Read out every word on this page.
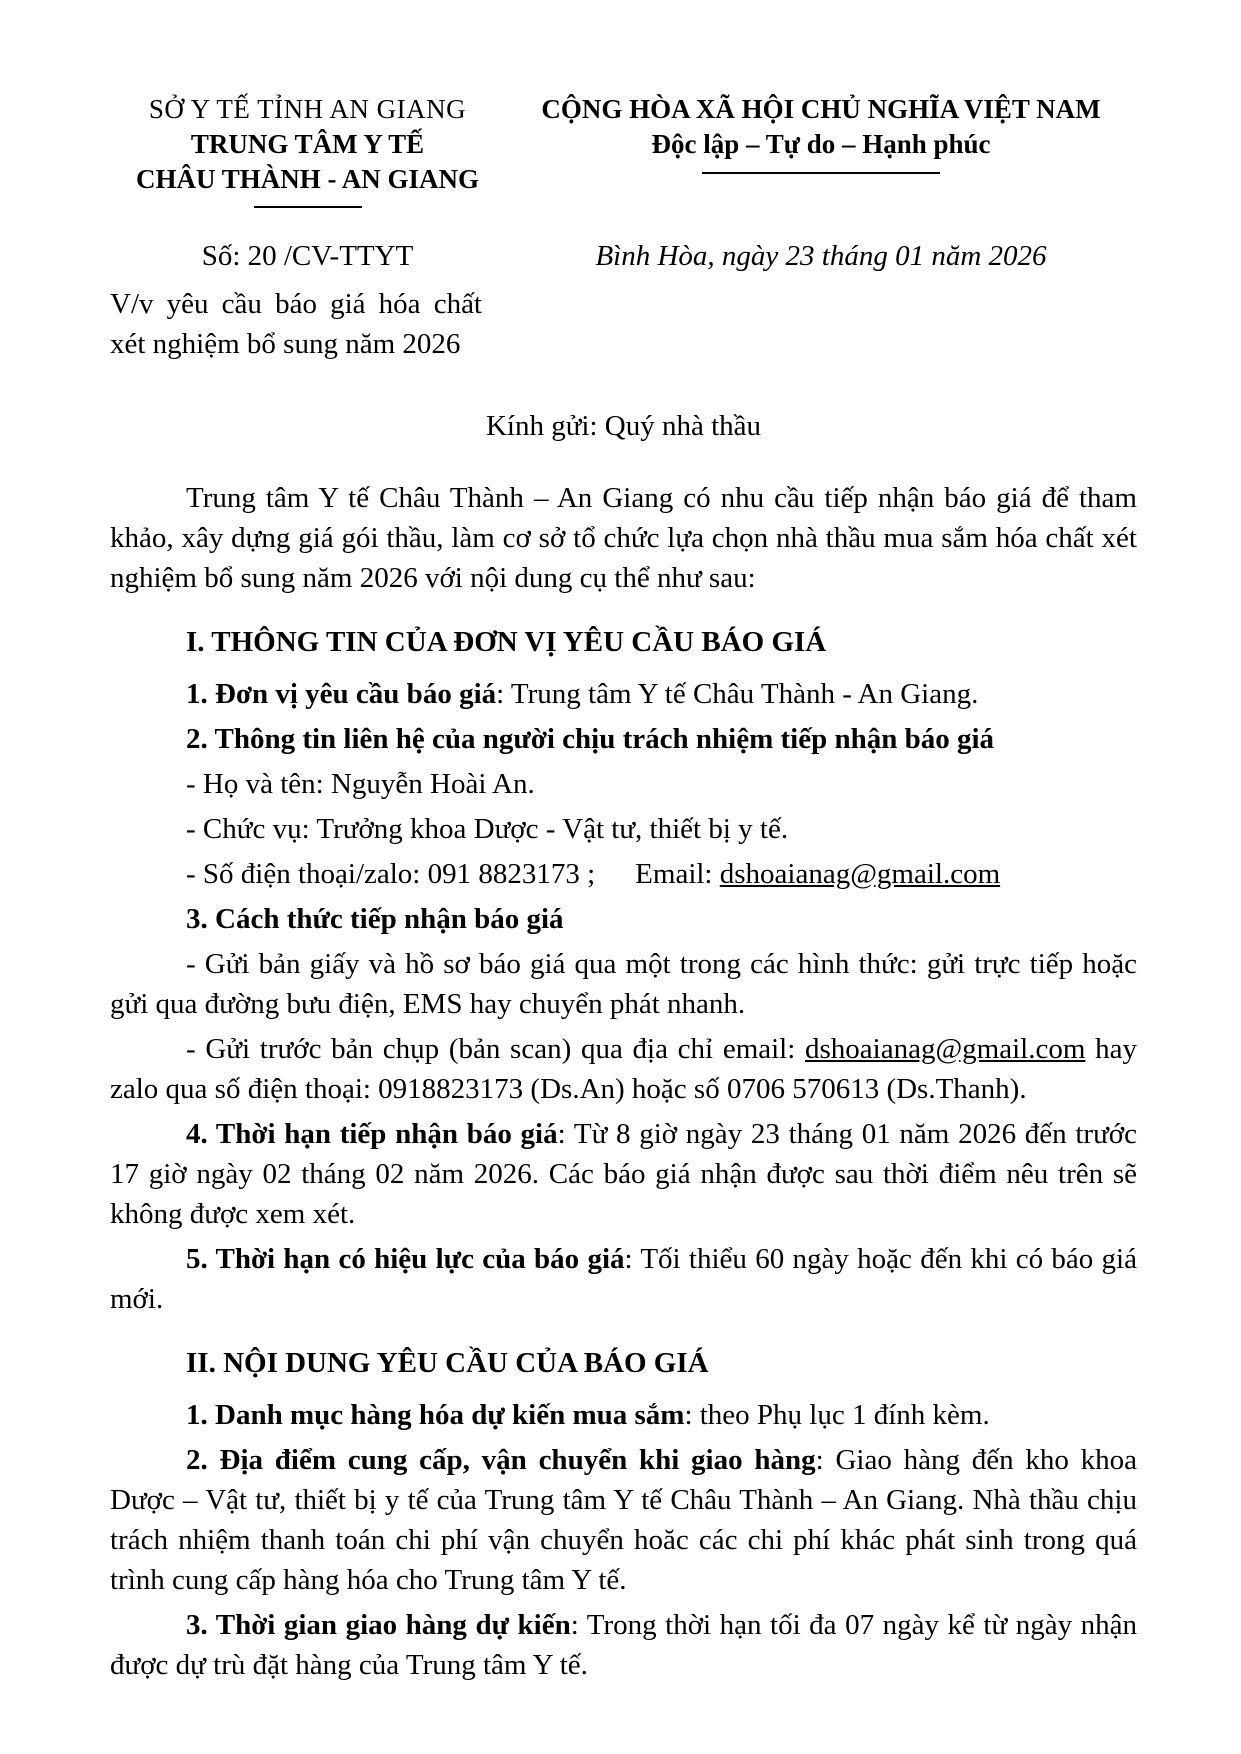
SỞ Y TẾ TỈNH AN GIANG
TRUNG TÂM Y TẾ
CHÂU THÀNH - AN GIANG
CỘNG HÒA XÃ HỘI CHỦ NGHĨA VIỆT NAM
Độc lập – Tự do – Hạnh phúc
Số: 20 /CV-TTYT	Bình Hòa, ngày 23 tháng 01 năm 2026
V/v yêu cầu báo giá hóa chất xét nghiệm bổ sung năm 2026
Kính gửi: Quý nhà thầu

Trung tâm Y tế Châu Thành – An Giang có nhu cầu tiếp nhận báo giá để tham khảo, xây dựng giá gói thầu, làm cơ sở tổ chức lựa chọn nhà thầu mua sắm hóa chất xét nghiệm bổ sung năm 2026 với nội dung cụ thể như sau:

I. THÔNG TIN CỦA ĐƠN VỊ YÊU CẦU BÁO GIÁ

1. Đơn vị yêu cầu báo giá: Trung tâm Y tế Châu Thành - An Giang.

2. Thông tin liên hệ của người chịu trách nhiệm tiếp nhận báo giá

- Họ và tên: Nguyễn Hoài An.

- Chức vụ: Trưởng khoa Dược - Vật tư, thiết bị y tế.

- Số điện thoại/zalo: 091 8823173 ; Email: dshoaianag@gmail.com

3. Cách thức tiếp nhận báo giá

- Gửi bản giấy và hồ sơ báo giá qua một trong các hình thức: gửi trực tiếp hoặc gửi qua đường bưu điện, EMS hay chuyển phát nhanh.

- Gửi trước bản chụp (bản scan) qua địa chỉ email: dshoaianag@gmail.com hay zalo qua số điện thoại: 0918823173 (Ds.An) hoặc số 0706 570613 (Ds.Thanh).

4. Thời hạn tiếp nhận báo giá: Từ 8 giờ ngày 23 tháng 01 năm 2026 đến trước 17 giờ ngày 02 tháng 02 năm 2026. Các báo giá nhận được sau thời điểm nêu trên sẽ không được xem xét.

5. Thời hạn có hiệu lực của báo giá: Tối thiểu 60 ngày hoặc đến khi có báo giá mới.

II. NỘI DUNG YÊU CẦU CỦA BÁO GIÁ

1. Danh mục hàng hóa dự kiến mua sắm: theo Phụ lục 1 đính kèm.

2. Địa điểm cung cấp, vận chuyển khi giao hàng: Giao hàng đến kho khoa Dược – Vật tư, thiết bị y tế của Trung tâm Y tế Châu Thành – An Giang. Nhà thầu chịu trách nhiệm thanh toán chi phí vận chuyển hoăc các chi phí khác phát sinh trong quá trình cung cấp hàng hóa cho Trung tâm Y tế.

3. Thời gian giao hàng dự kiến: Trong thời hạn tối đa 07 ngày kể từ ngày nhận được dự trù đặt hàng của Trung tâm Y tế.
